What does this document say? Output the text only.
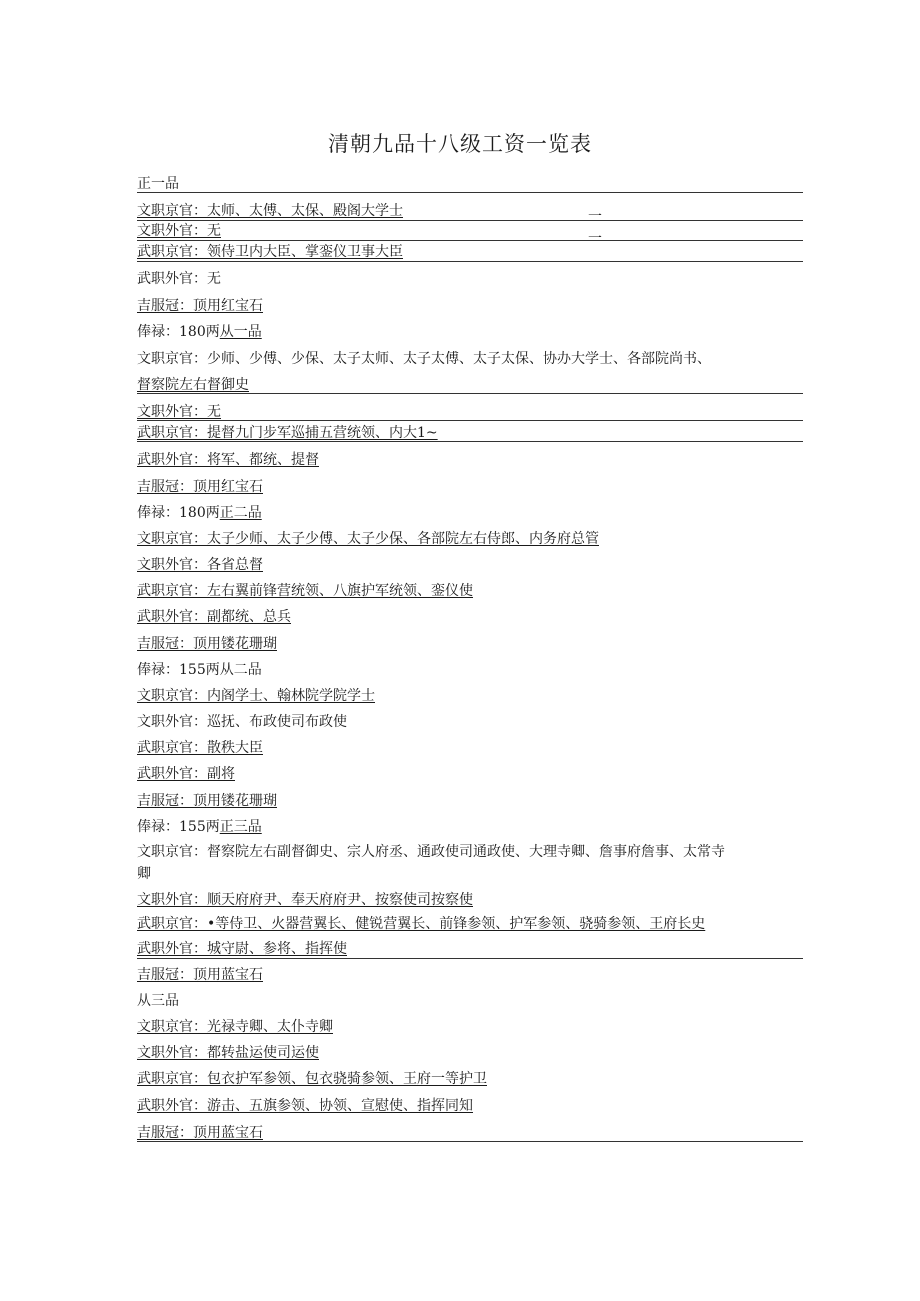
清朝九品十八级工资一览表
正一品
文职京官：太师、太傅、太保、殿阁大学士
文职外官：无
武职京官：领侍卫内大臣、掌銮仪卫事大臣
武职外官：无
吉服冠：顶用红宝石
俸禄：180两从一品
文职京官：少师、少傅、少保、太子太师、太子太傅、太子太保、协办大学士、各部院尚书、
督察院左右督御史
文职外官：无
武职京官：提督九门步军巡捕五营统领、内大1~
武职外官：将军、都统、提督
吉服冠：顶用红宝石
俸禄：180两正二品
文职京官：太子少师、太子少傅、太子少保、各部院左右侍郎、内务府总管
文职外官：各省总督
武职京官：左右翼前锋营统领、八旗护军统领、銮仪使
武职外官：副都统、总兵
吉服冠：顶用镂花珊瑚
俸禄：155两从二品
文职京官：内阁学士、翰林院学院学士
文职外官：巡抚、布政使司布政使
武职京官：散秩大臣
武职外官：副将
吉服冠：顶用镂花珊瑚
俸禄：155两正三品
文职京官：督察院左右副督御史、宗人府丞、通政使司通政使、大理寺卿、詹事府詹事、太常寺
卿
文职外官：顺天府府尹、奉天府府尹、按察使司按察使
武职京官：•等侍卫、火器营翼长、健锐营翼长、前锋参领、护军参领、骁骑参领、王府长史
武职外官：城守尉、参将、指挥使
吉服冠：顶用蓝宝石
从三品
文职京官：光禄寺卿、太仆寺卿
文职外官：都转盐运使司运使
武职京官：包衣护军参领、包衣骁骑参领、王府一等护卫
武职外官：游击、五旗参领、协领、宣慰使、指挥同知
吉服冠：顶用蓝宝石
一
一
